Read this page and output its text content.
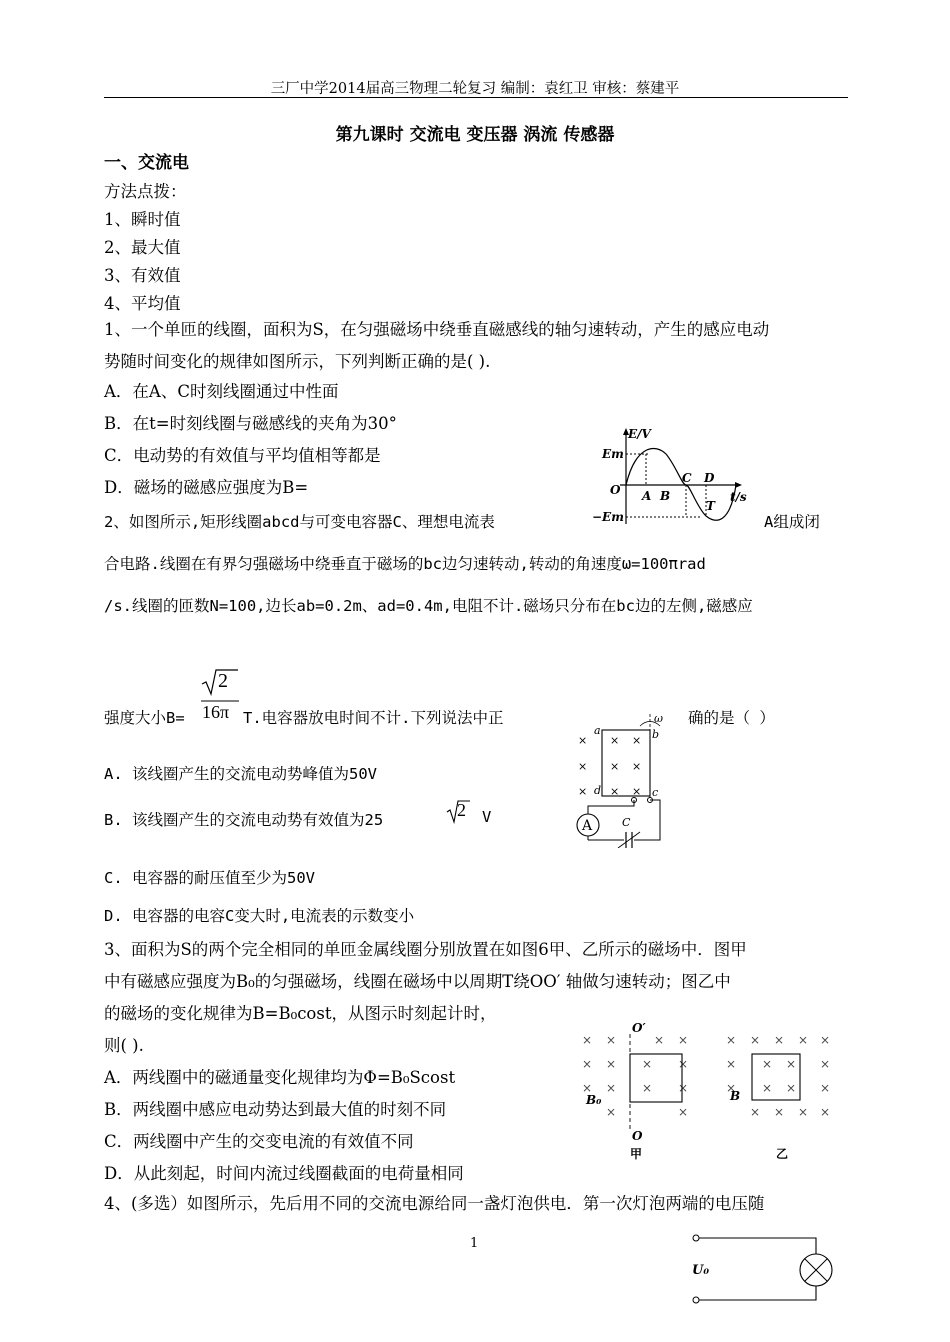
三厂中学2014届高三物理二轮复习 编制：袁红卫 审核：蔡建平
第九课时 交流电 变压器 涡流 传感器
一、交流电
方法点拨：
1、瞬时值
2、最大值
3、有效值
4、平均值
1、一个单匝的线圈，面积为S，在匀强磁场中绕垂直磁感线的轴匀速转动，产生的感应电动
势随时间变化的规律如图所示，下列判断正确的是( ).
A．在A、C时刻线圈通过中性面
B．在t=时刻线圈与磁感线的夹角为30°
C．电动势的有效值与平均值相等都是
D．磁场的磁感应强度为B=
E/V
t/s
Em
−Em
O A B
C D
T
2、如图所示,矩形线圈abcd与可变电容器C、理想电流表	A组成闭
合电路.线圈在有界匀强磁场中绕垂直于磁场的bc边匀速转动,转动的角速度ω=100πrad
/s.线圈的匝数N=100,边长ab=0.2m、ad=0.4m,电阻不计.磁场只分布在bc边的左侧,磁感应
强度大小B=
2
16π T.电容器放电时间不计.下列说法中正	确的是（ ）
A. 该线圈产生的交流电动势峰值为50V
B. 该线圈产生的交流电动势有效值为25	2 V
C. 电容器的耐压值至少为50V
D. 电容器的电容C变大时,电流表的示数变小
×
×
×
×
×
×
×
×
×
ω
a	b
c
d
A	C
3、面积为S的两个完全相同的单匝金属线圈分别放置在如图6甲、乙所示的磁场中．图甲
中有磁感应强度为B₀的匀强磁场，线圈在磁场中以周期T绕OO′ 轴做匀速转动；图乙中
的磁场的变化规律为B=B₀cost，从图示时刻起计时，
则( ).
A．两线圈中的磁通量变化规律均为Φ=B₀Scost
B．两线圈中感应电动势达到最大值的时刻不同
C．两线圈中产生的交变电流的有效值不同
D．从此刻起，时间内流过线圈截面的电荷量相同
× ×	× ×
× ×
× ×
×
×
×	×
×
×
× × × × ×
× × × ×
× × × ×
× × × ×
O′
O
B₀	B
甲	乙
4、(多选）如图所示，先后用不同的交流电源给同一盏灯泡供电．第一次灯泡两端的电压随
U₀
1
